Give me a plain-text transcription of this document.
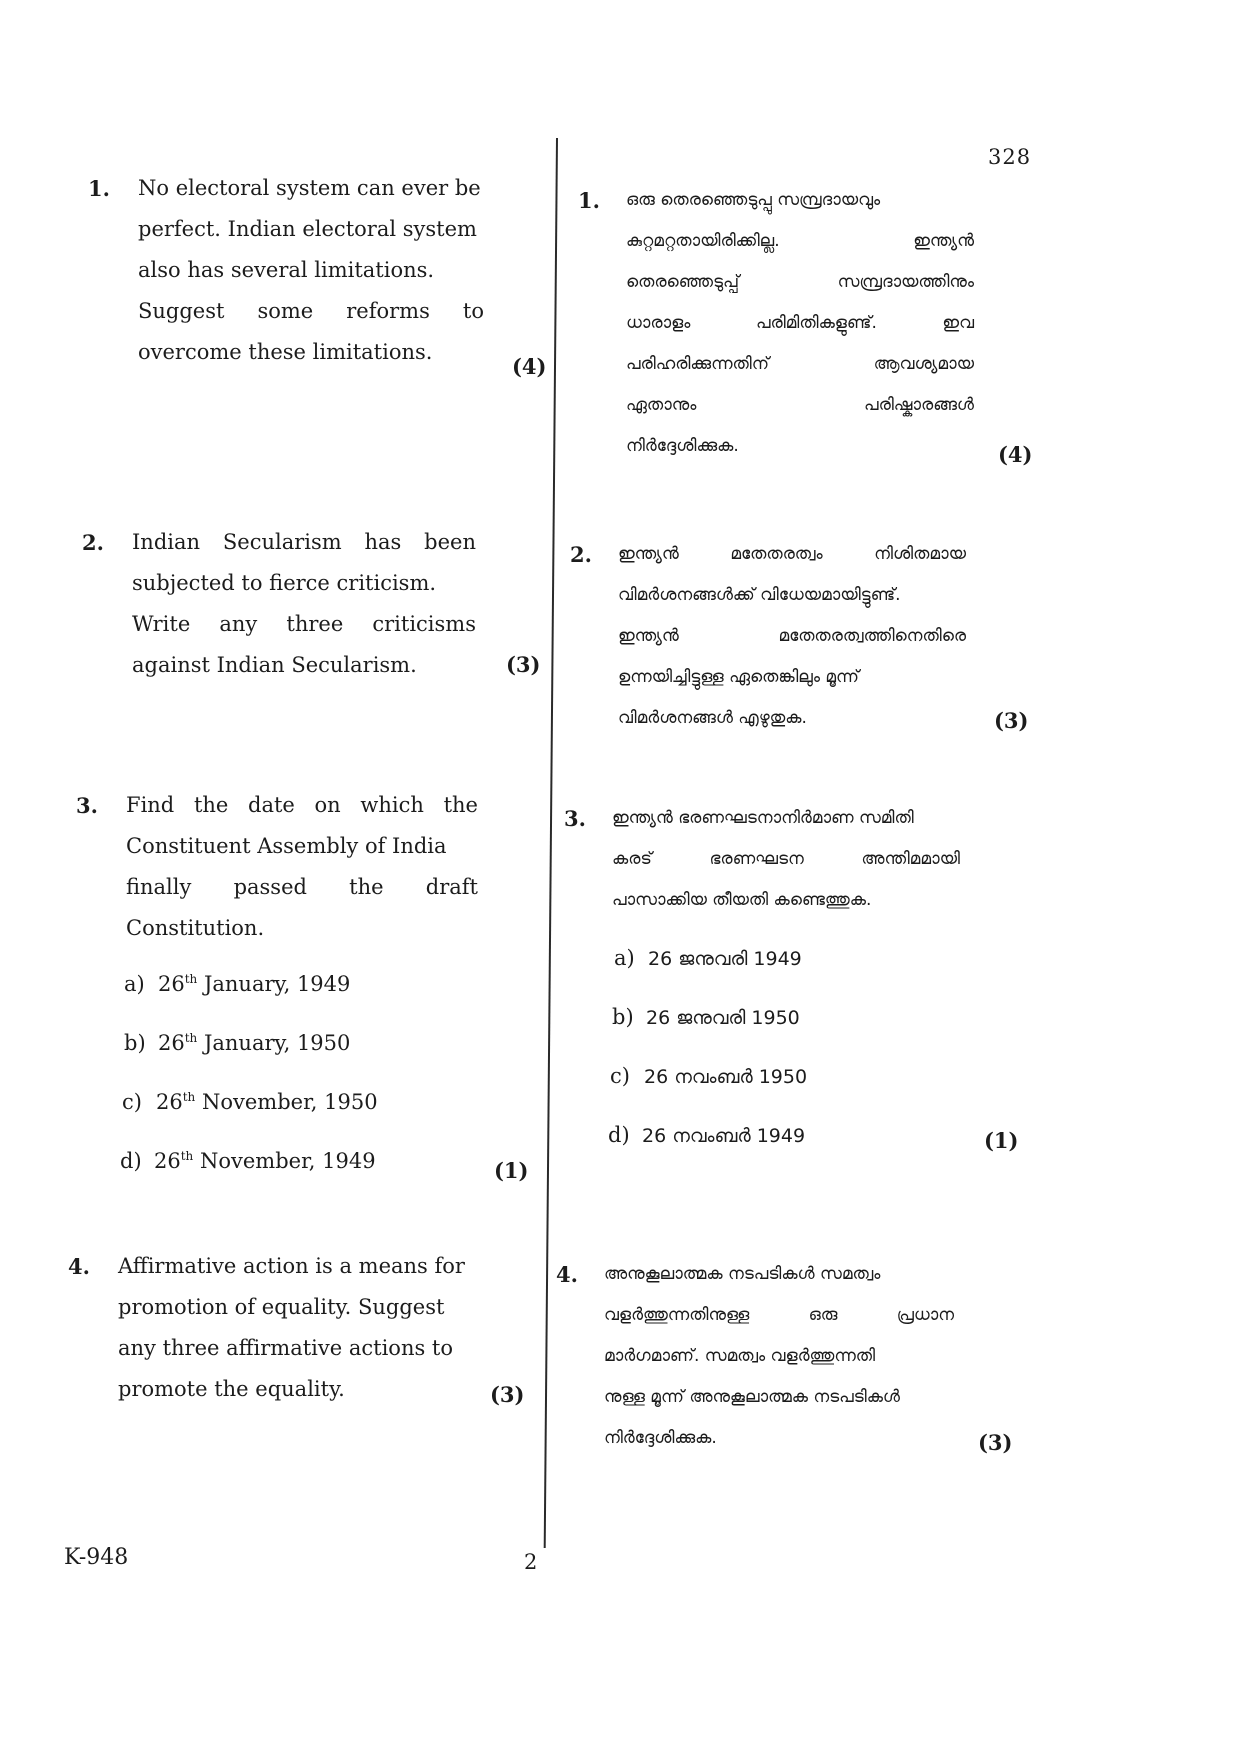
328
1. No electoral system can ever be
perfect. Indian electoral system
also has several limitations.
Suggest some reforms to
overcome these limitations.
(4)
2. Indian Secularism has been
subjected to fierce criticism.
Write any three criticisms
against Indian Secularism.	(3)
3. Find the date on which the
Constituent Assembly of India
finally passed the draft
Constitution.
a) 26th January, 1949
b) 26th January, 1950
c) 26th November, 1950
d) 26th November, 1949	(1)
4. Affirmative action is a means for
promotion of equality. Suggest
any three affirmative actions to
promote the equality.	(3)
1. ഒരു തെരഞ്ഞെടുപ്പു സമ്പ്രദായവും
കുറ്റമറ്റതായിരിക്കില്ല.	ഇന്ത്യൻ
തെരഞ്ഞെടുപ്പ്	സമ്പ്രദായത്തിനും
ധാരാളം	പരിമിതികളുണ്ട്.	ഇവ
പരിഹരിക്കുന്നതിന്	ആവശ്യമായ
ഏതാനും	പരിഷ്കാരങ്ങൾ
നിർദ്ദേശിക്കുക.	(4)
2. ഇന്ത്യൻ	മതേതരത്വം	നിശിതമായ
വിമർശനങ്ങൾക്ക് വിധേയമായിട്ടുണ്ട്.
ഇന്ത്യൻ	മതേതരത്വത്തിനെതിരെ
ഉന്നയിച്ചിട്ടുള്ള ഏതെങ്കിലും മൂന്ന്
വിമർശനങ്ങൾ എഴുതുക.	(3)
3. ഇന്ത്യൻ ഭരണഘടനാനിർമാണ സമിതി
കരട്	ഭരണഘടന	അന്തിമമായി
പാസാക്കിയ തീയതി കണ്ടെത്തുക.
a) 26 ജനുവരി 1949
b) 26 ജനുവരി 1950
c) 26 നവംബർ 1950
d) 26 നവംബർ 1949	(1)
4. അനുകൂലാത്മക നടപടികൾ സമത്വം
വളർത്തുന്നതിനുള്ള	ഒരു	പ്രധാന
മാർഗമാണ്. സമത്വം വളർത്തുന്നതി
നുള്ള മൂന്ന് അനുകൂലാത്മക നടപടികൾ
നിർദ്ദേശിക്കുക.	(3)
K-948	2
